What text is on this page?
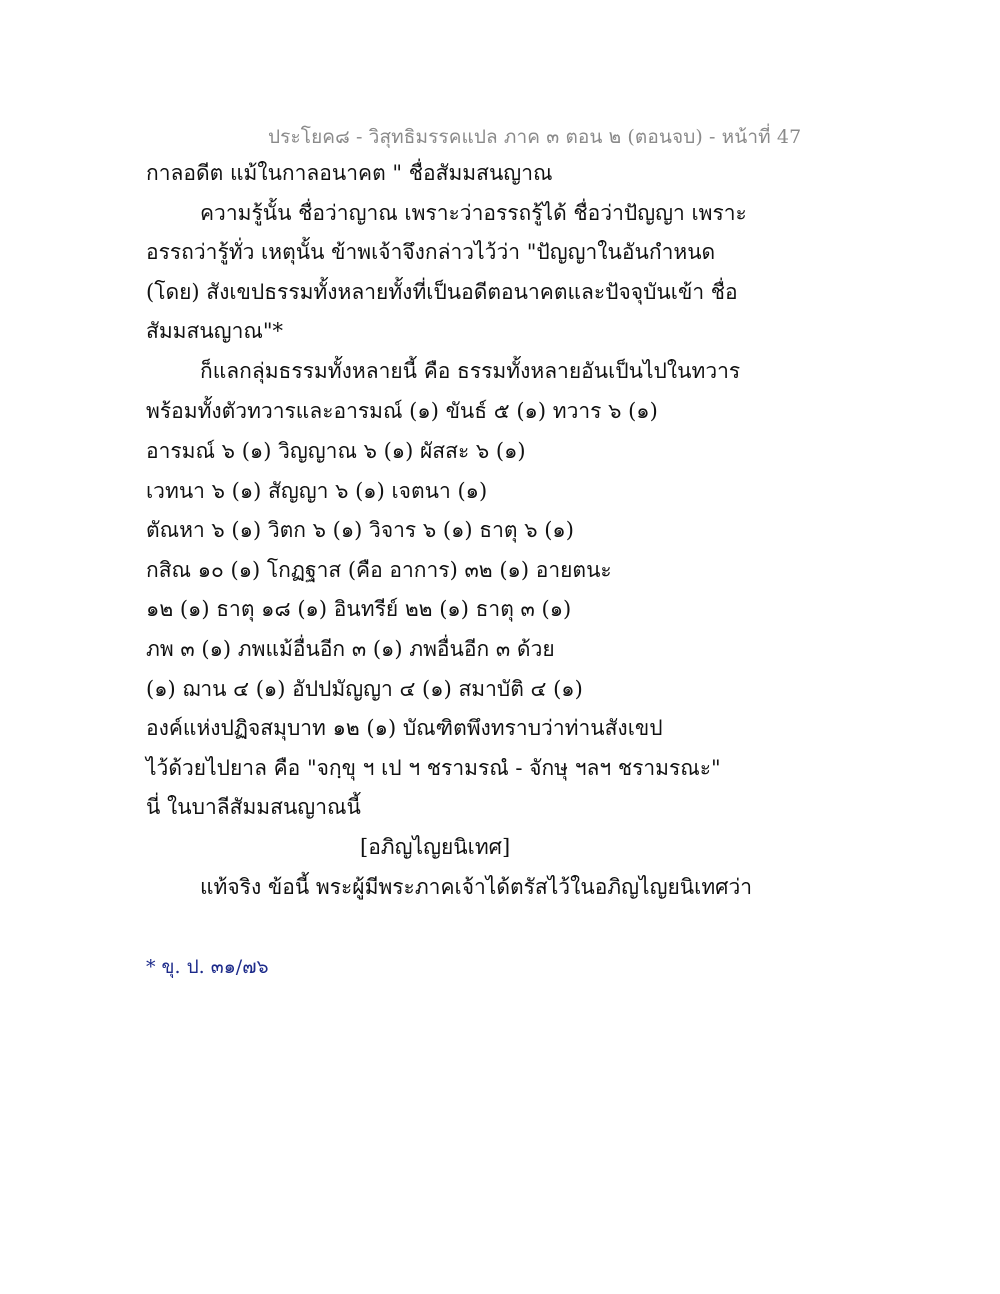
ประโยค๘ - วิสุทธิมรรคแปล ภาค ๓ ตอน ๒ (ตอนจบ) - หน้าที่ 47
กาลอดีต แม้ในกาลอนาคต " ชื่อสัมมสนญาณ
ความรู้นั้น ชื่อว่าญาณ เพราะว่าอรรถรู้ได้ ชื่อว่าปัญญา เพราะ
อรรถว่ารู้ทั่ว เหตุนั้น ข้าพเจ้าจึงกล่าวไว้ว่า "ปัญญาในอันกำหนด
(โดย) สังเขปธรรมทั้งหลายทั้งที่เป็นอดีตอนาคตและปัจจุบันเข้า ชื่อ
สัมมสนญาณ"*
ก็แลกลุ่มธรรมทั้งหลายนี้ คือ ธรรมทั้งหลายอันเป็นไปในทวาร
พร้อมทั้งตัวทวารและอารมณ์ (๑) ขันธ์ ๕ (๑) ทวาร ๖ (๑)
อารมณ์ ๖ (๑) วิญญาณ ๖ (๑) ผัสสะ ๖ (๑)
เวทนา ๖ (๑) สัญญา ๖ (๑) เจตนา (๑)
ตัณหา ๖ (๑) วิตก ๖ (๑) วิจาร ๖ (๑) ธาตุ ๖ (๑)
กสิณ ๑๐ (๑) โกฏฐาส (คือ อาการ) ๓๒ (๑) อายตนะ
๑๒ (๑) ธาตุ ๑๘ (๑) อินทรีย์ ๒๒ (๑) ธาตุ ๓ (๑)
ภพ ๓ (๑) ภพแม้อื่นอีก ๓ (๑) ภพอื่นอีก ๓ ด้วย
(๑) ฌาน ๔ (๑) อัปปมัญญา ๔ (๑) สมาบัติ ๔ (๑)
องค์แห่งปฏิจสมุบาท ๑๒ (๑) บัณฑิตพึงทราบว่าท่านสังเขป
ไว้ด้วยไปยาล คือ "จกฺขุ ฯ เป ฯ ชรามรณํ - จักษุ ฯลฯ ชรามรณะ"
นี่ ในบาลีสัมมสนญาณนี้
[อภิญไญยนิเทศ]
แท้จริง ข้อนี้ พระผู้มีพระภาคเจ้าได้ตรัสไว้ในอภิญไญยนิเทศว่า
* ขุ. ป. ๓๑/๗๖
